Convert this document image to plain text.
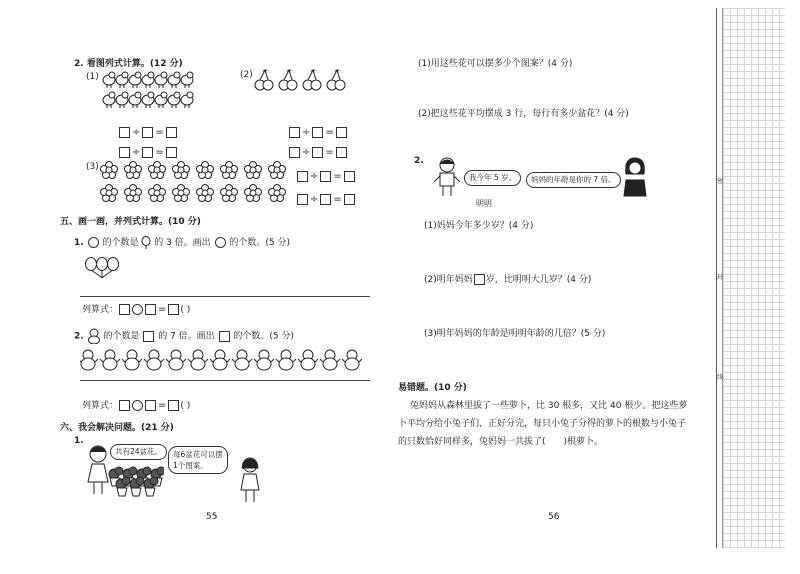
2. 看图列式计算。(12 分)
(1)	(2)
÷ =
÷ =
÷ =
÷ =
(3)
÷ =
÷ =
五、画一画，并列式计算。(10 分)
1. 的个数是 的 3 倍。画出 的个数。(5 分)
列算式：	= ( )
2. 的个数是 的 7 倍。画出 的个数。(5 分)
列算式：	= ( )
六、我会解决问题。(21 分)
1.
共有24盆花。	每6盆花可以摆
1个图案。
55
(1)用这些花可以摆多少个图案？(4 分)
(2)把这些花平均摆成 3 行，每行有多少盆花？(4 分)
2.
我今年 5 岁。
明明
妈妈的年龄是你的 7 倍。
(1)妈妈今年多少岁？(4 分)
(2)明年妈妈 岁，比明明大几岁？(4 分)
(3)明年妈妈的年龄是明明年龄的几倍？(5 分)
易错题。(10 分)
兔妈妈从森林里拔了一些萝卜，比 30 根多，又比 40 根少。把这些萝
卜平均分给小兔子们，正好分完，每只小兔子分得的萝卜的根数与小兔子
的只数恰好同样多，兔妈妈一共拔了( )根萝卜。
56
密
封
线
